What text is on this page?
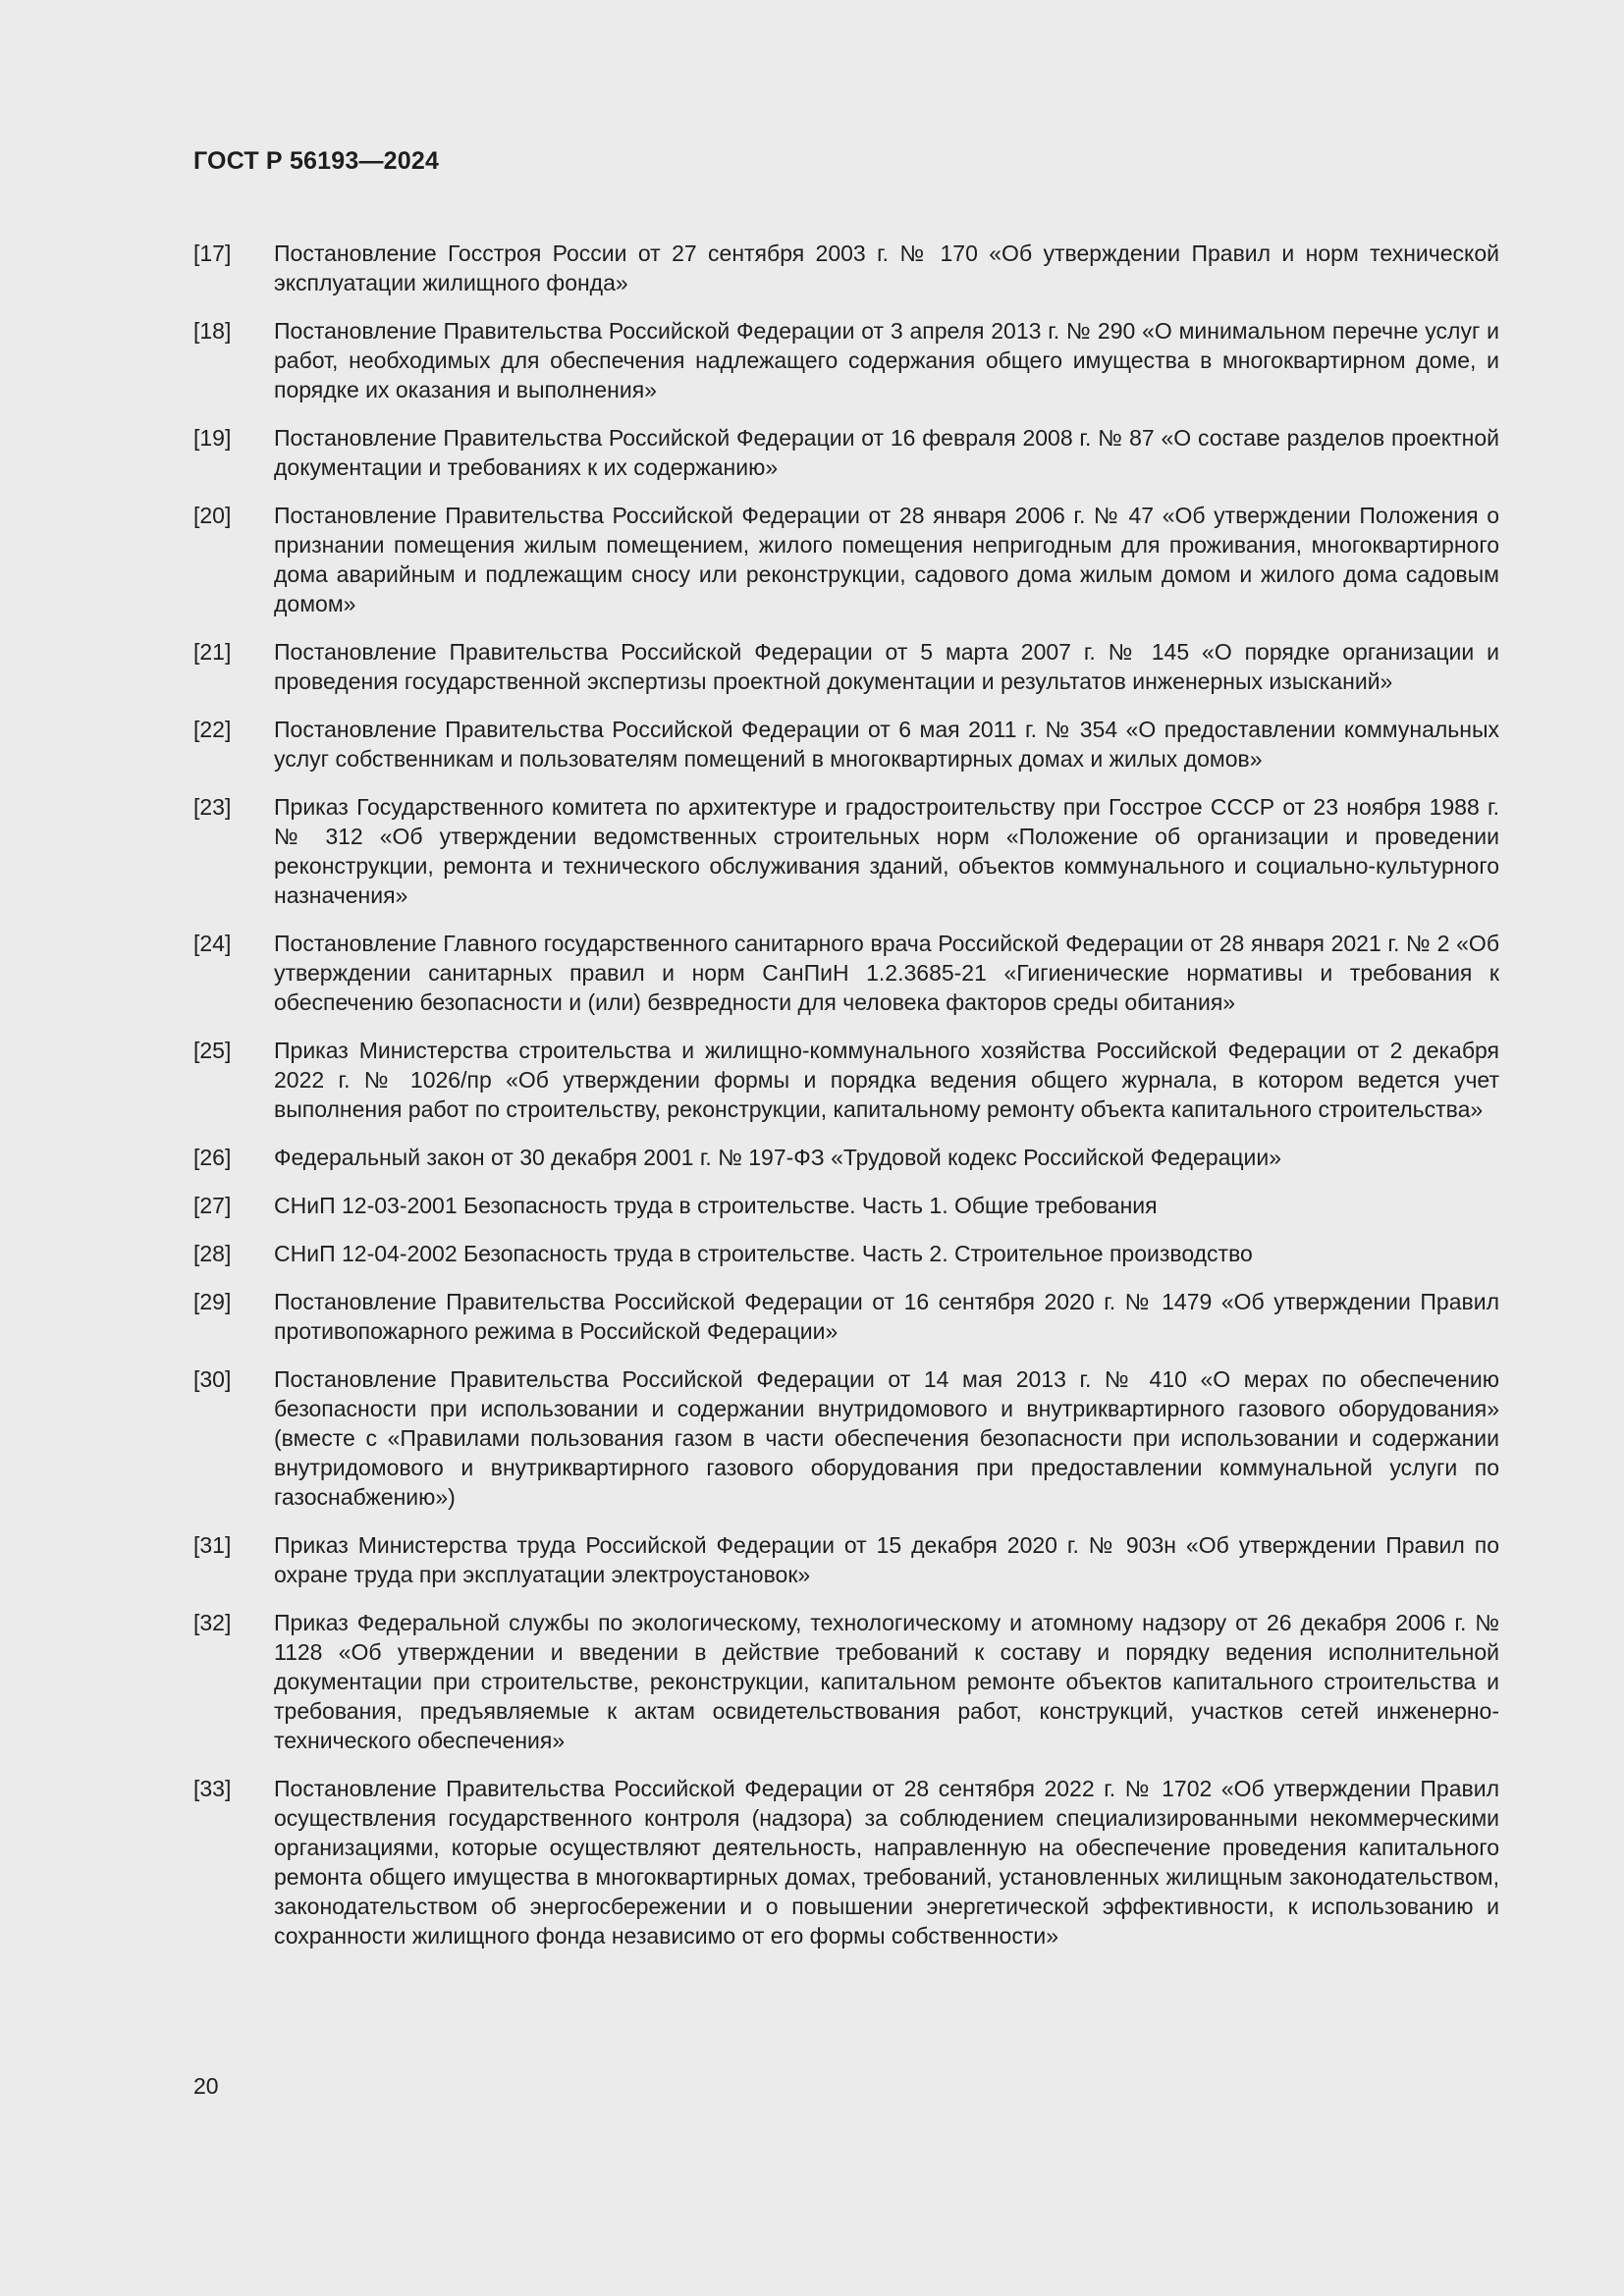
ГОСТ Р 56193—2024
[17]	Постановление Госстроя России от 27 сентября 2003 г. № 170 «Об утверждении Правил и норм технической эксплуатации жилищного фонда»
[18]	Постановление Правительства Российской Федерации от 3 апреля 2013 г. № 290 «О минимальном перечне услуг и работ, необходимых для обеспечения надлежащего содержания общего имущества в многоквартирном доме, и порядке их оказания и выполнения»
[19]	Постановление Правительства Российской Федерации от 16 февраля 2008 г. № 87 «О составе разделов проектной документации и требованиях к их содержанию»
[20]	Постановление Правительства Российской Федерации от 28 января 2006 г. № 47 «Об утверждении Положения о признании помещения жилым помещением, жилого помещения непригодным для проживания, многоквартирного дома аварийным и подлежащим сносу или реконструкции, садового дома жилым домом и жилого дома садовым домом»
[21]	Постановление Правительства Российской Федерации от 5 марта 2007 г. № 145 «О порядке организации и проведения государственной экспертизы проектной документации и результатов инженерных изысканий»
[22]	Постановление Правительства Российской Федерации от 6 мая 2011 г. № 354 «О предоставлении коммунальных услуг собственникам и пользователям помещений в многоквартирных домах и жилых домов»
[23]	Приказ Государственного комитета по архитектуре и градостроительству при Госстрое СССР от 23 ноября 1988 г. № 312 «Об утверждении ведомственных строительных норм «Положение об организации и проведении реконструкции, ремонта и технического обслуживания зданий, объектов коммунального и социально-культурного назначения»
[24]	Постановление Главного государственного санитарного врача Российской Федерации от 28 января 2021 г. № 2 «Об утверждении санитарных правил и норм СанПиН 1.2.3685-21 «Гигиенические нормативы и требования к обеспечению безопасности и (или) безвредности для человека факторов среды обитания»
[25]	Приказ Министерства строительства и жилищно-коммунального хозяйства Российской Федерации от 2 декабря 2022 г. № 1026/пр «Об утверждении формы и порядка ведения общего журнала, в котором ведется учет выполнения работ по строительству, реконструкции, капитальному ремонту объекта капитального строительства»
[26]	Федеральный закон от 30 декабря 2001 г. № 197-ФЗ «Трудовой кодекс Российской Федерации»
[27]	СНиП 12-03-2001 Безопасность труда в строительстве. Часть 1. Общие требования
[28]	СНиП 12-04-2002 Безопасность труда в строительстве. Часть 2. Строительное производство
[29]	Постановление Правительства Российской Федерации от 16 сентября 2020 г. № 1479 «Об утверждении Правил противопожарного режима в Российской Федерации»
[30]	Постановление Правительства Российской Федерации от 14 мая 2013 г. № 410 «О мерах по обеспечению безопасности при использовании и содержании внутридомового и внутриквартирного газового оборудования» (вместе с «Правилами пользования газом в части обеспечения безопасности при использовании и содержании внутридомового и внутриквартирного газового оборудования при предоставлении коммунальной услуги по газоснабжению»)
[31]	Приказ Министерства труда Российской Федерации от 15 декабря 2020 г. № 903н «Об утверждении Правил по охране труда при эксплуатации электроустановок»
[32]	Приказ Федеральной службы по экологическому, технологическому и атомному надзору от 26 декабря 2006 г. № 1128 «Об утверждении и введении в действие требований к составу и порядку ведения исполнительной документации при строительстве, реконструкции, капитальном ремонте объектов капитального строительства и требования, предъявляемые к актам освидетельствования работ, конструкций, участков сетей инженерно-технического обеспечения»
[33]	Постановление Правительства Российской Федерации от 28 сентября 2022 г. № 1702 «Об утверждении Правил осуществления государственного контроля (надзора) за соблюдением специализированными некоммерческими организациями, которые осуществляют деятельность, направленную на обеспечение проведения капитального ремонта общего имущества в многоквартирных домах, требований, установленных жилищным законодательством, законодательством об энергосбережении и о повышении энергетической эффективности, к использованию и сохранности жилищного фонда независимо от его формы собственности»
20
